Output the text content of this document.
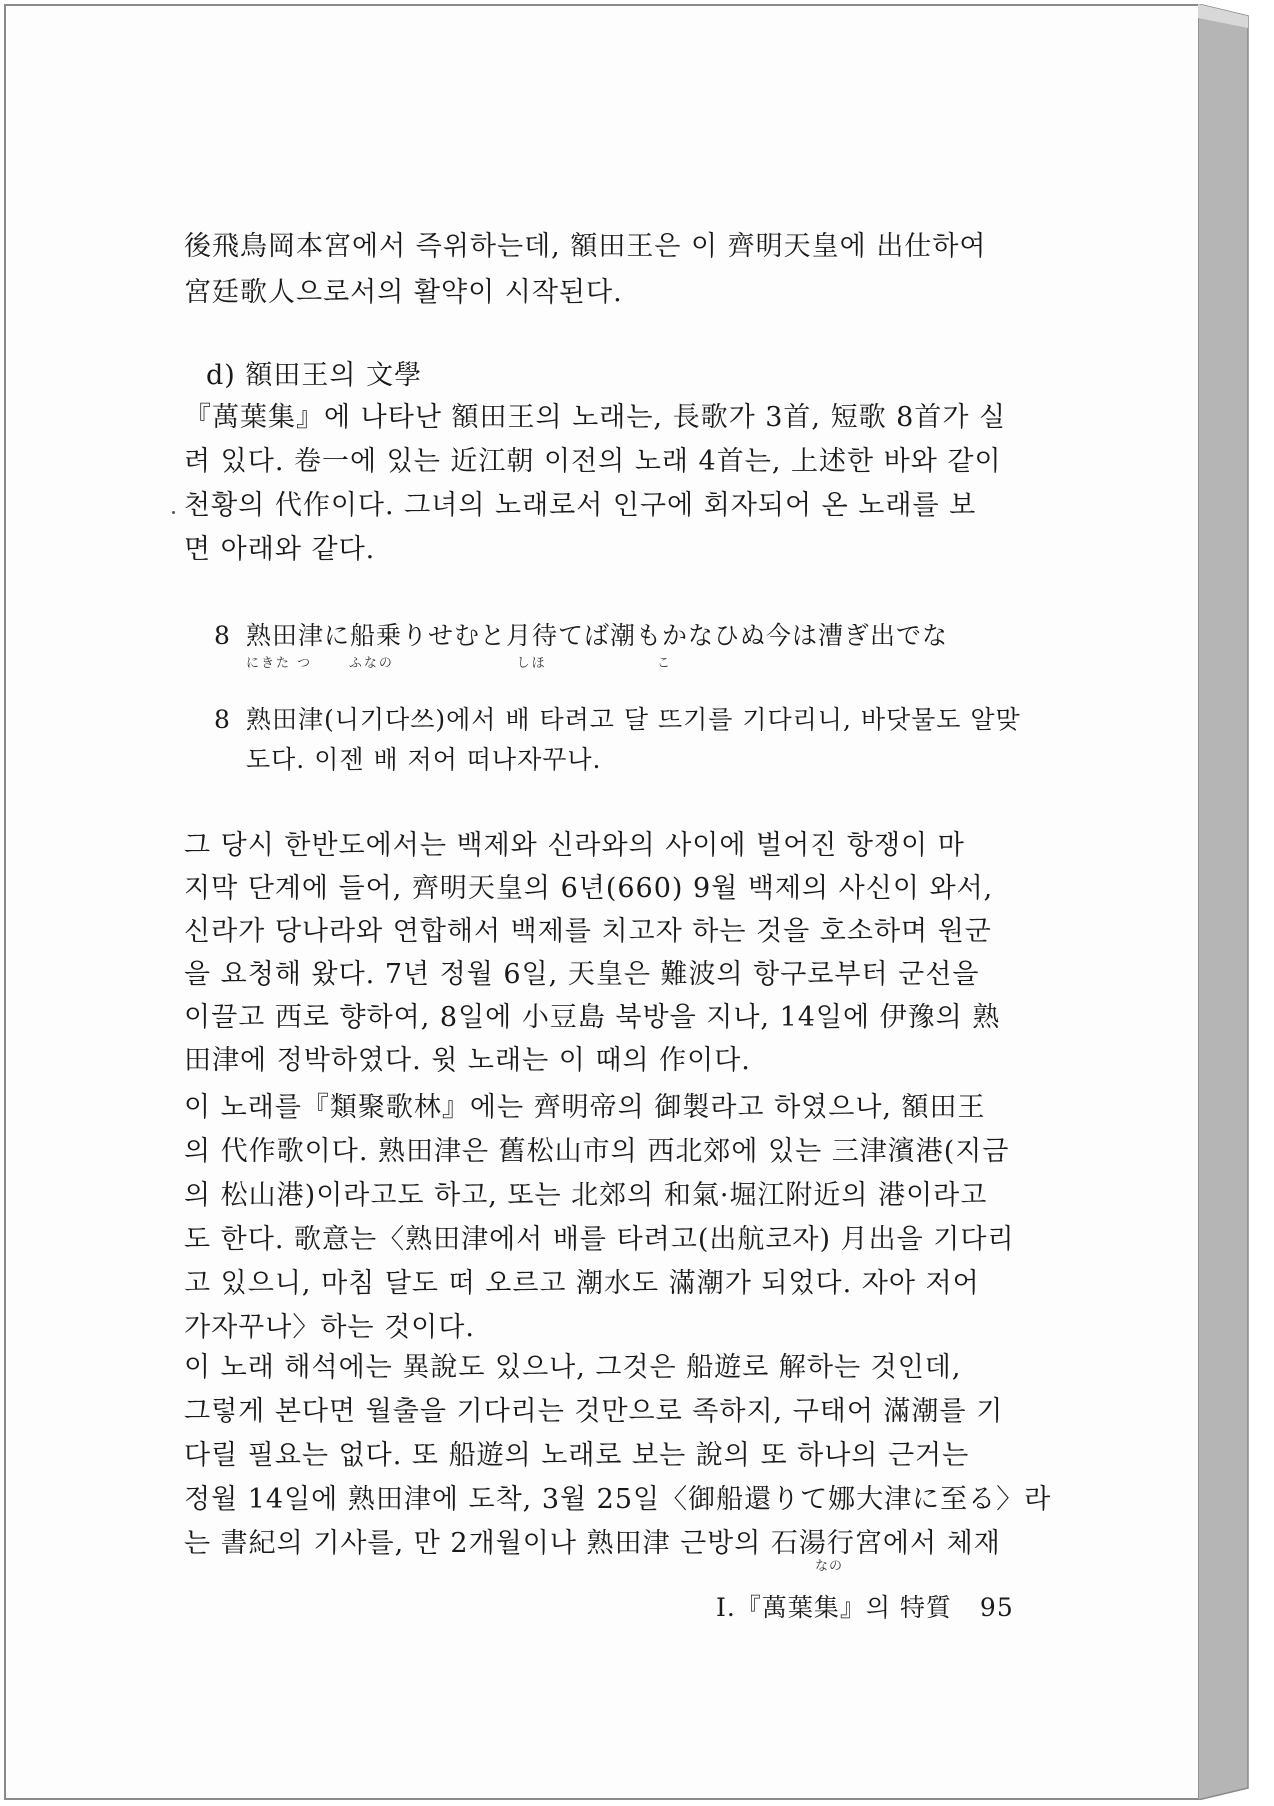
後飛鳥岡本宮에서 즉위하는데, 額田王은 이 齊明天皇에 出仕하여
宮廷歌人으로서의 활약이 시작된다.
d) 額田王의 文學
『萬葉集』에 나타난 額田王의 노래는, 長歌가 3首, 短歌 8首가 실
려 있다. 卷一에 있는 近江朝 이전의 노래 4首는, 上述한 바와 같이
천황의 代作이다. 그녀의 노래로서 인구에 회자되어 온 노래를 보
면 아래와 같다.
8 熟田津に船乗りせむと月待てば潮もかなひぬ今は漕ぎ出でな
にきた つ      ふなの                    しほ                  こ
8 熟田津(니기다쓰)에서 배 타려고 달 뜨기를 기다리니, 바닷물도 알맞
도다. 이젠 배 저어 떠나자꾸나.
그 당시 한반도에서는 백제와 신라와의 사이에 벌어진 항쟁이 마
지막 단계에 들어, 齊明天皇의 6년(660) 9월 백제의 사신이 와서,
신라가 당나라와 연합해서 백제를 치고자 하는 것을 호소하며 원군
을 요청해 왔다. 7년 정월 6일, 天皇은 難波의 항구로부터 군선을
이끌고 西로 향하여, 8일에 小豆島 북방을 지나, 14일에 伊豫의 熟
田津에 정박하였다. 윗 노래는 이 때의 作이다.
이 노래를『類聚歌林』에는 齊明帝의 御製라고 하였으나, 額田王
의 代作歌이다. 熟田津은 舊松山市의 西北郊에 있는 三津濱港(지금
의 松山港)이라고도 하고, 또는 北郊의 和氣·堀江附近의 港이라고
도 한다. 歌意는〈熟田津에서 배를 타려고(出航코자) 月出을 기다리
고 있으니, 마침 달도 떠 오르고 潮水도 滿潮가 되었다. 자아 저어
가자꾸나〉하는 것이다.
이 노래 해석에는 異說도 있으나, 그것은 船遊로 解하는 것인데,
그렇게 본다면 월출을 기다리는 것만으로 족하지, 구태어 滿潮를 기
다릴 필요는 없다. 또 船遊의 노래로 보는 說의 또 하나의 근거는
정월 14일에 熟田津에 도착, 3월 25일〈御船還りて娜大津に至る〉라
는 書紀의 기사를, 만 2개월이나 熟田津 근방의 石湯行宮에서 체재
なの
Ⅰ.『萬葉集』의 特質 95
